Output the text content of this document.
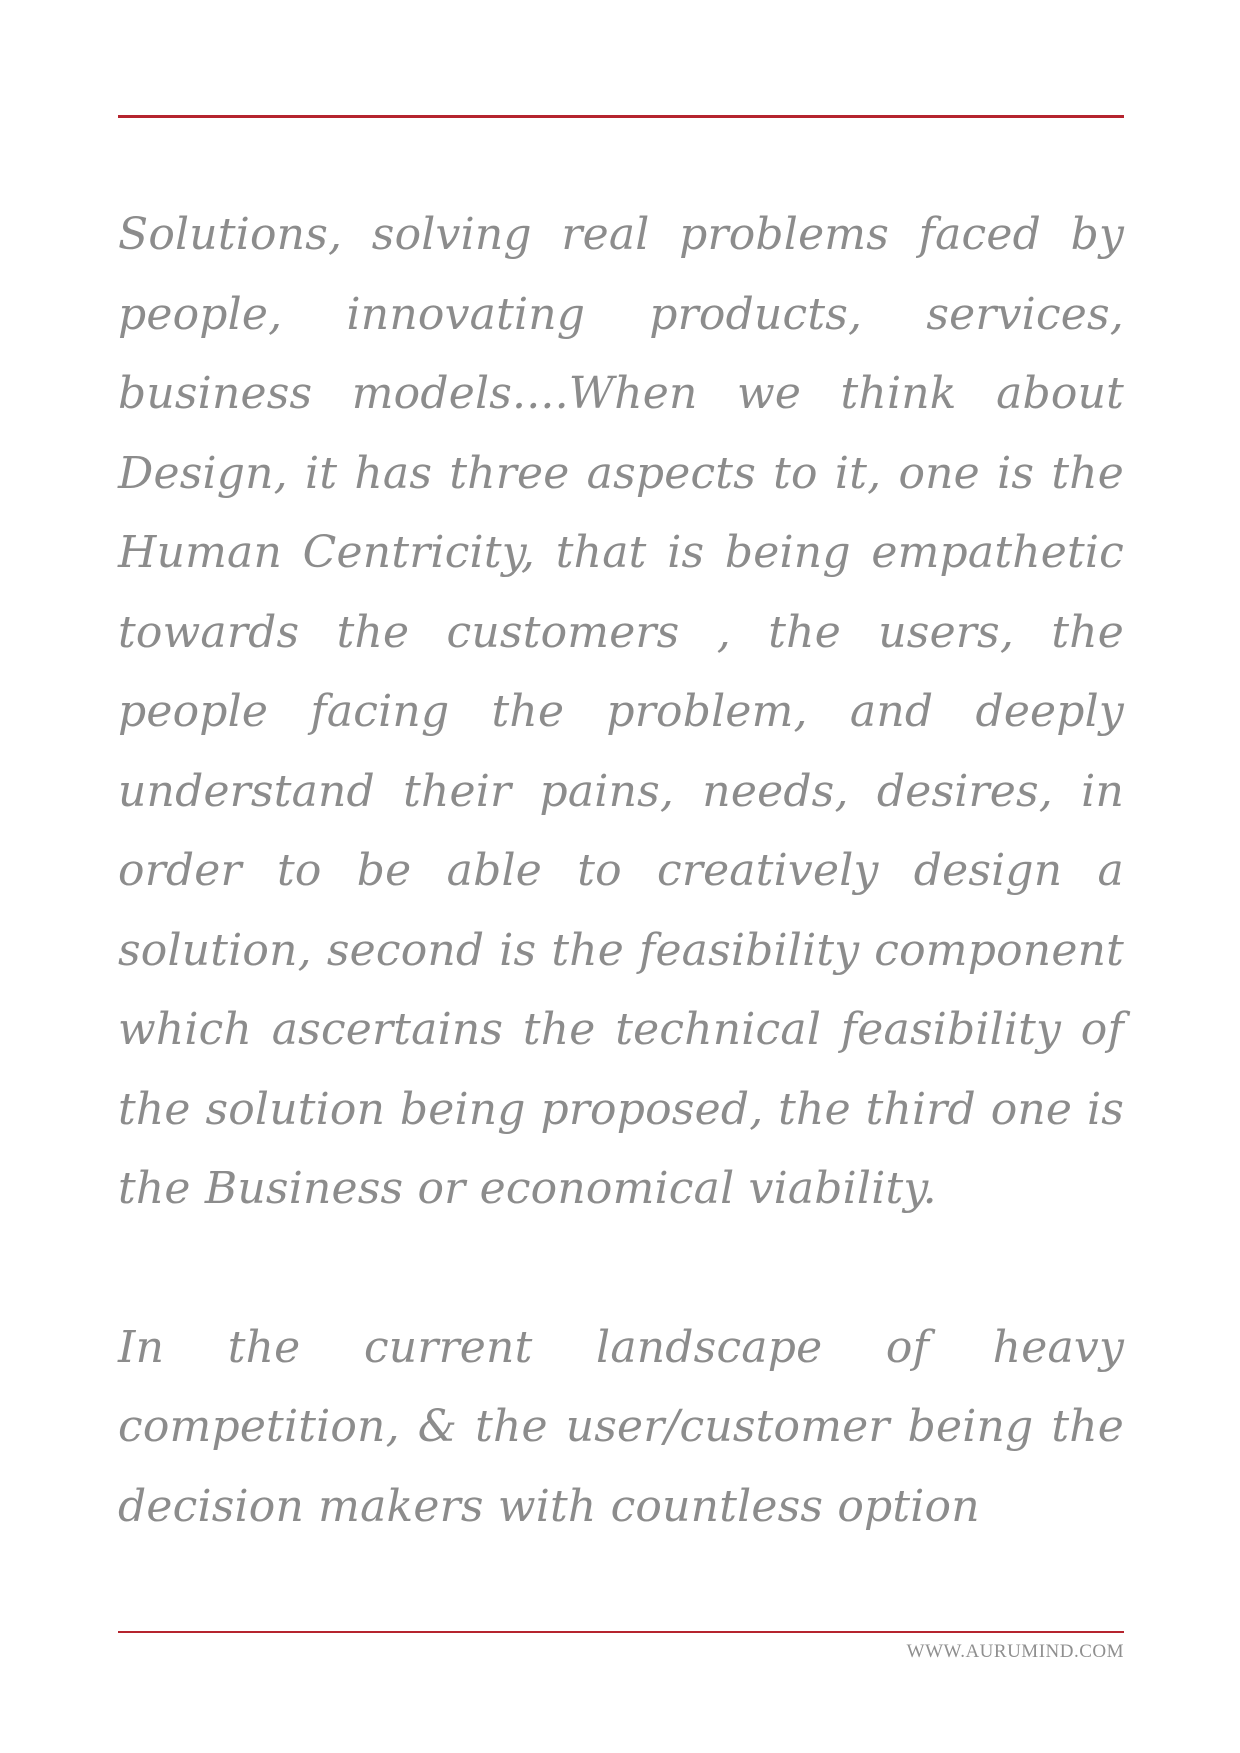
Solutions, solving real problems faced by people, innovating products, services, business models....When we think about Design, it has three aspects to it, one is the Human Centricity, that is being empathetic towards the customers , the users, the people facing the problem, and deeply understand their pains, needs, desires, in order to be able to creatively design a solution, second is the feasibility component which ascertains the technical feasibility of the solution being proposed, the third one is the Business or economical viability.

In the current landscape of heavy competition, & the user/customer being the decision makers with countless option

WWW.AURUMIND.COM
